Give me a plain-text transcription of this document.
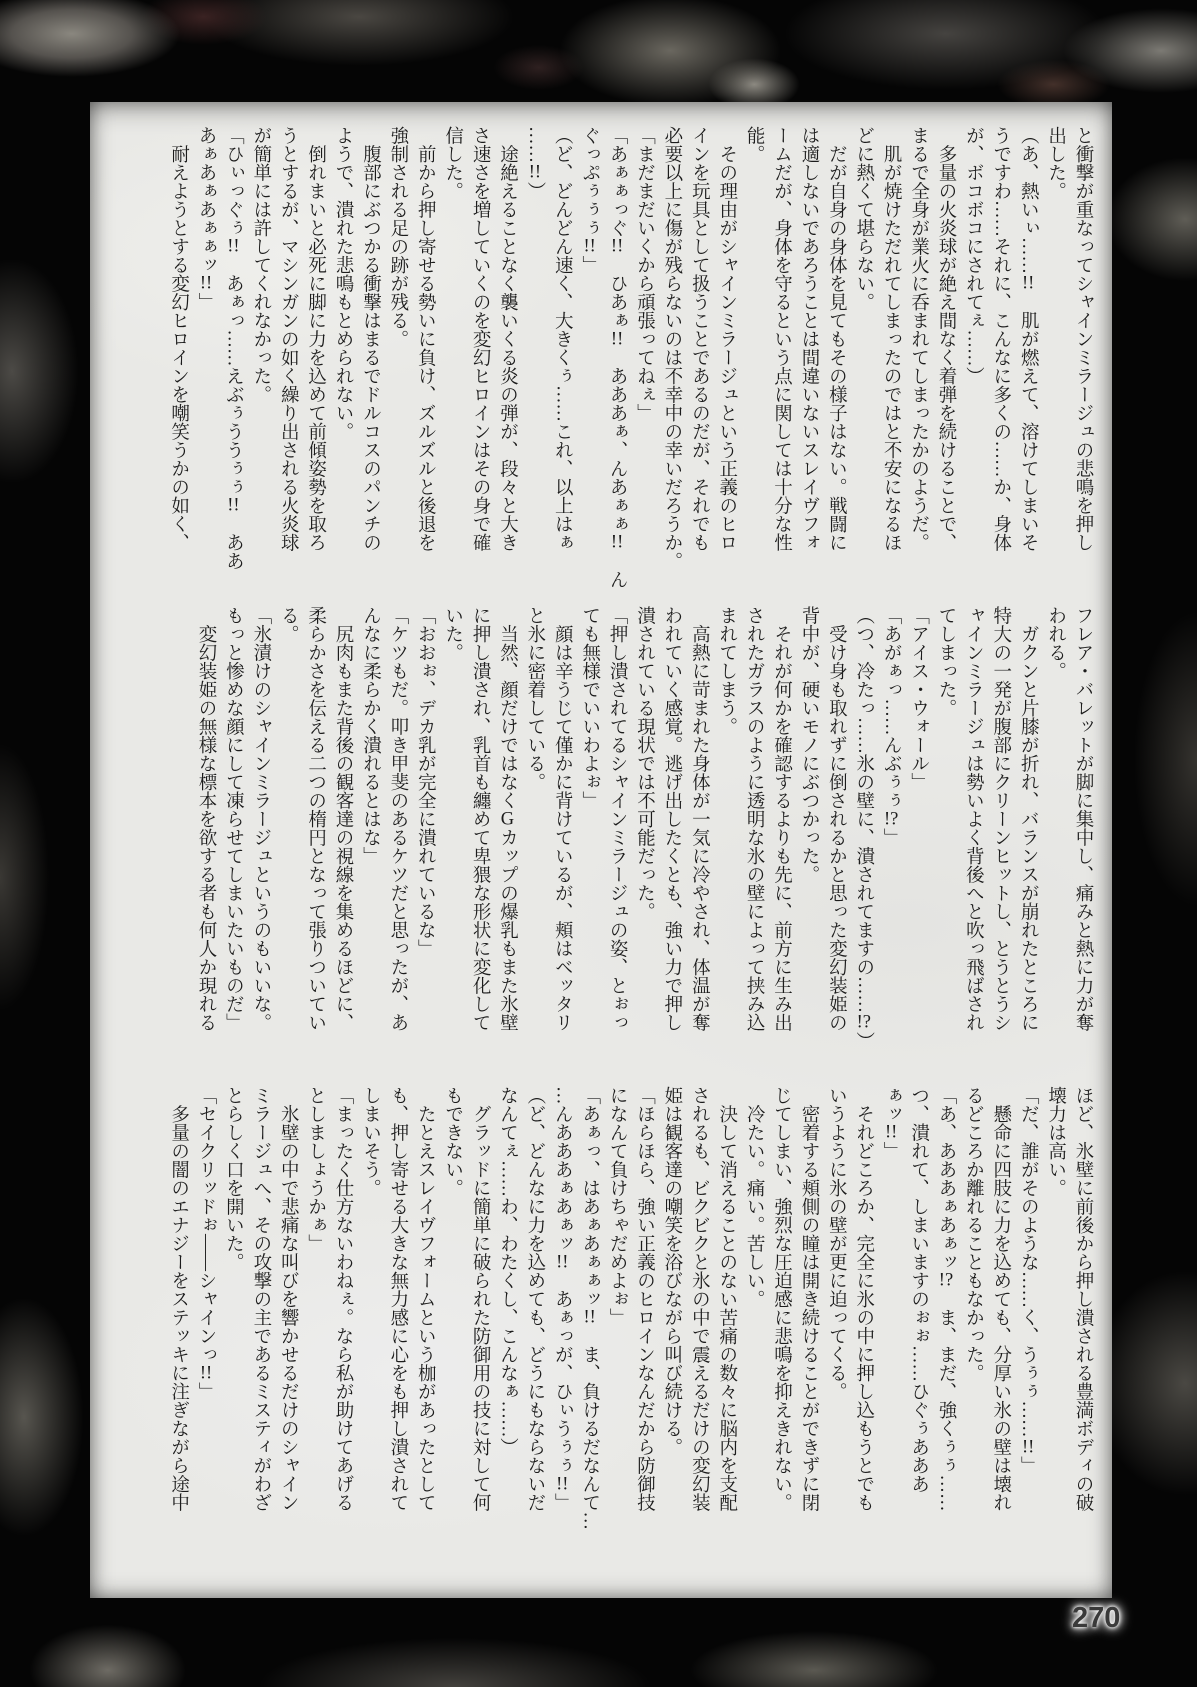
と衝撃が重なってシャインミラージュの悲鳴を押し
出した。
（あ、熱いぃ……!!　肌が燃えて、溶けてしまいそ
うですわ……それに、こんなに多くの……か、身体
が、ボコボコにされてぇ……）
　多量の火炎球が絶え間なく着弾を続けることで、
まるで全身が業火に呑まれてしまったかのようだ。
　肌が焼けただれてしまったのではと不安になるほ
どに熱くて堪らない。
　だが自身の身体を見てもその様子はない。戦闘に
は適しないであろうことは間違いないスレイヴフォ
ームだが、身体を守るという点に関しては十分な性
能。
　その理由がシャインミラージュという正義のヒロ
インを玩具として扱うことであるのだが、それでも
必要以上に傷が残らないのは不幸中の幸いだろうか。
「まだまだいくから頑張ってねぇ」
「あぁぁっぐ!!　ひあぁ!!　あああぁ、んあぁぁ!!　ん
ぐっぷぅぅぅ!!」
（ど、どんどん速く、大きくぅ……これ、以上はぁ
……!!）
　途絶えることなく襲いくる炎の弾が、段々と大き
さ速さを増していくのを変幻ヒロインはその身で確
信した。
　前から押し寄せる勢いに負け、ズルズルと後退を
強制される足の跡が残る。
　腹部にぶつかる衝撃はまるでドルコスのパンチの
ようで、潰れた悲鳴もとめられない。
　倒れまいと必死に脚に力を込めて前傾姿勢を取ろ
うとするが、マシンガンの如く繰り出される火炎球
が簡単には許してくれなかった。
「ひぃっぐぅ!!　あぁっ……えぶぅううぅぅ!!　ああ
あぁあぁあぁぁッ!!」
　耐えようとする変幻ヒロインを嘲笑うかの如く、
フレア・バレットが脚に集中し、痛みと熱に力が奪
われる。
　ガクンと片膝が折れ、バランスが崩れたところに
特大の一発が腹部にクリーンヒットし、とうとうシ
ャインミラージュは勢いよく背後へと吹っ飛ばされ
てしまった。
「アイス・ウォール」
「あがぁっ……んぶぅぅ!?」
（つ、冷たっ……氷の壁に、潰されてますの……!?）
　受け身も取れずに倒されるかと思った変幻装姫の
背中が、硬いモノにぶつかった。
　それが何かを確認するよりも先に、前方に生み出
されたガラスのように透明な氷の壁によって挟み込
まれてしまう。
　高熱に苛まれた身体が一気に冷やされ、体温が奪
われていく感覚。逃げ出したくとも、強い力で押し
潰されている現状では不可能だった。
「押し潰されてるシャインミラージュの姿、とぉっ
ても無様でいいわよぉ」
　顔は辛うじて僅かに背けているが、頬はベッタリ
と氷に密着している。
　当然、顔だけではなくGカップの爆乳もまた氷壁
に押し潰され、乳首も纏めて卑猥な形状に変化して
いた。
「おおぉ、デカ乳が完全に潰れているな」
「ケツもだ。叩き甲斐のあるケツだと思ったが、あ
んなに柔らかく潰れるとはな」
　尻肉もまた背後の観客達の視線を集めるほどに、
柔らかさを伝える二つの楕円となって張りついてい
る。
「氷漬けのシャインミラージュというのもいいな。
もっと惨めな顔にして凍らせてしまいたいものだ」
　変幻装姫の無様な標本を欲する者も何人か現れる
ほど、氷壁に前後から押し潰される豊満ボディの破
壊力は高い。
「だ、誰がそのような……く、うぅぅ……!!」
　懸命に四肢に力を込めても、分厚い氷の壁は壊れ
るどころか離れることもなかった。
「あ、あああぁあぁッ!?　ま、まだ、強くぅぅ……
つ、潰れて、しまいますのぉぉ……ひぐぅあああ
ぁッ!!」
　それどころか、完全に氷の中に押し込もうとでも
いうように氷の壁が更に迫ってくる。
　密着する頬側の瞳は開き続けることができずに閉
じてしまい、強烈な圧迫感に悲鳴を抑えきれない。
　冷たい。痛い。苦しい。
　決して消えることのない苦痛の数々に脳内を支配
されるも、ビクビクと氷の中で震えるだけの変幻装
姫は観客達の嘲笑を浴びながら叫び続ける。
「ほらほら、強い正義のヒロインなんだから防御技
になんて負けちゃだめよぉ」
「あぁっ、はあぁあぁぁッ!!　ま、負けるだなんて…
…んあああぁあぁッ!!　あぁっが、ひぃうぅぅ!!」
（ど、どんなに力を込めても、どうにもならないだ
なんてぇ……わ、わたくし、こんなぁ……）
　グラッドに簡単に破られた防御用の技に対して何
もできない。
　たとえスレイヴフォームという枷があったとして
も、押し寄せる大きな無力感に心をも押し潰されて
しまいそう。
「まったく仕方ないわねぇ。なら私が助けてあげる
としましょうかぁ」
　氷壁の中で悲痛な叫びを響かせるだけのシャイン
ミラージュへ、その攻撃の主であるミスティがわざ
とらしく口を開いた。
「セイクリッドぉ――シャインっ!!」
　多量の闇のエナジーをステッキに注ぎながら途中
270
